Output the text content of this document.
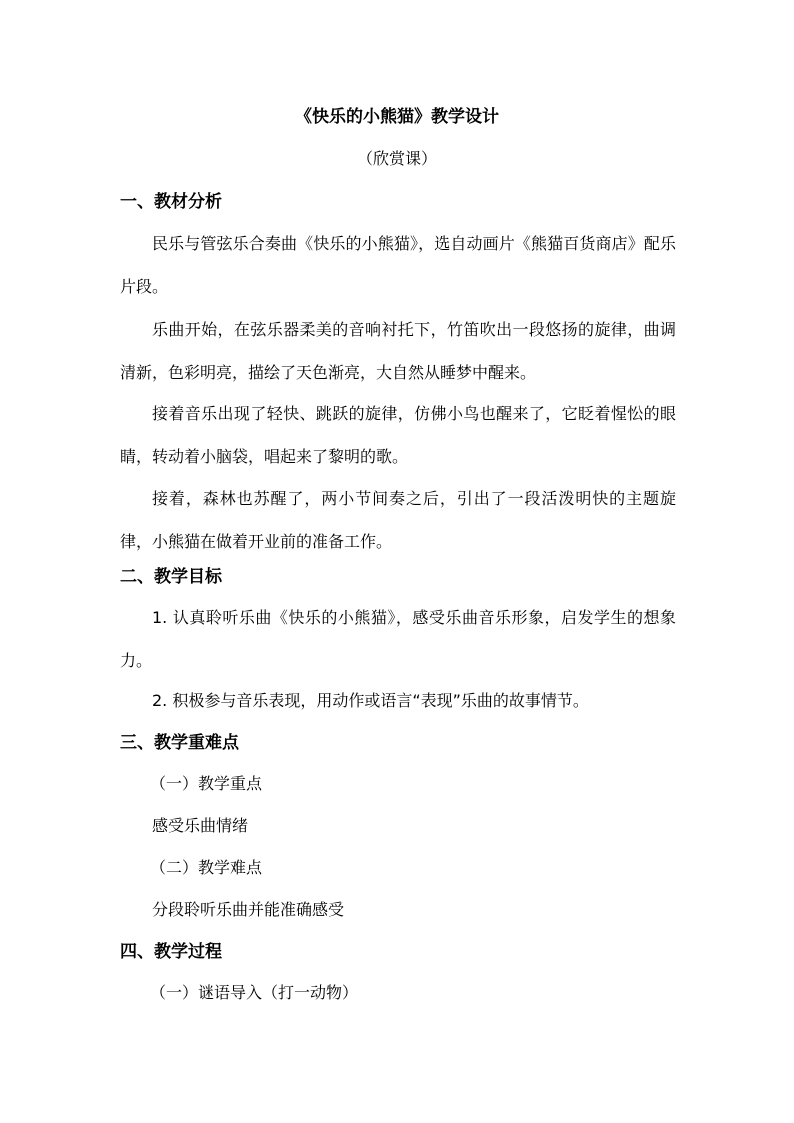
《快乐的小熊猫》教学设计
（欣赏课）
一、教材分析
民乐与管弦乐合奏曲《快乐的小熊猫》，选自动画片《熊猫百货商店》配乐片段。
乐曲开始，在弦乐器柔美的音响衬托下，竹笛吹出一段悠扬的旋律，曲调清新，色彩明亮，描绘了天色渐亮，大自然从睡梦中醒来。
接着音乐出现了轻快、跳跃的旋律，仿佛小鸟也醒来了，它眨着惺忪的眼睛，转动着小脑袋，唱起来了黎明的歌。
接着，森林也苏醒了，两小节间奏之后，引出了一段活泼明快的主题旋律，小熊猫在做着开业前的准备工作。
二、教学目标
1. 认真聆听乐曲《快乐的小熊猫》，感受乐曲音乐形象，启发学生的想象力。
2. 积极参与音乐表现，用动作或语言“表现”乐曲的故事情节。
三、教学重难点
（一）教学重点
感受乐曲情绪
（二）教学难点
分段聆听乐曲并能准确感受
四、教学过程
（一）谜语导入（打一动物）
